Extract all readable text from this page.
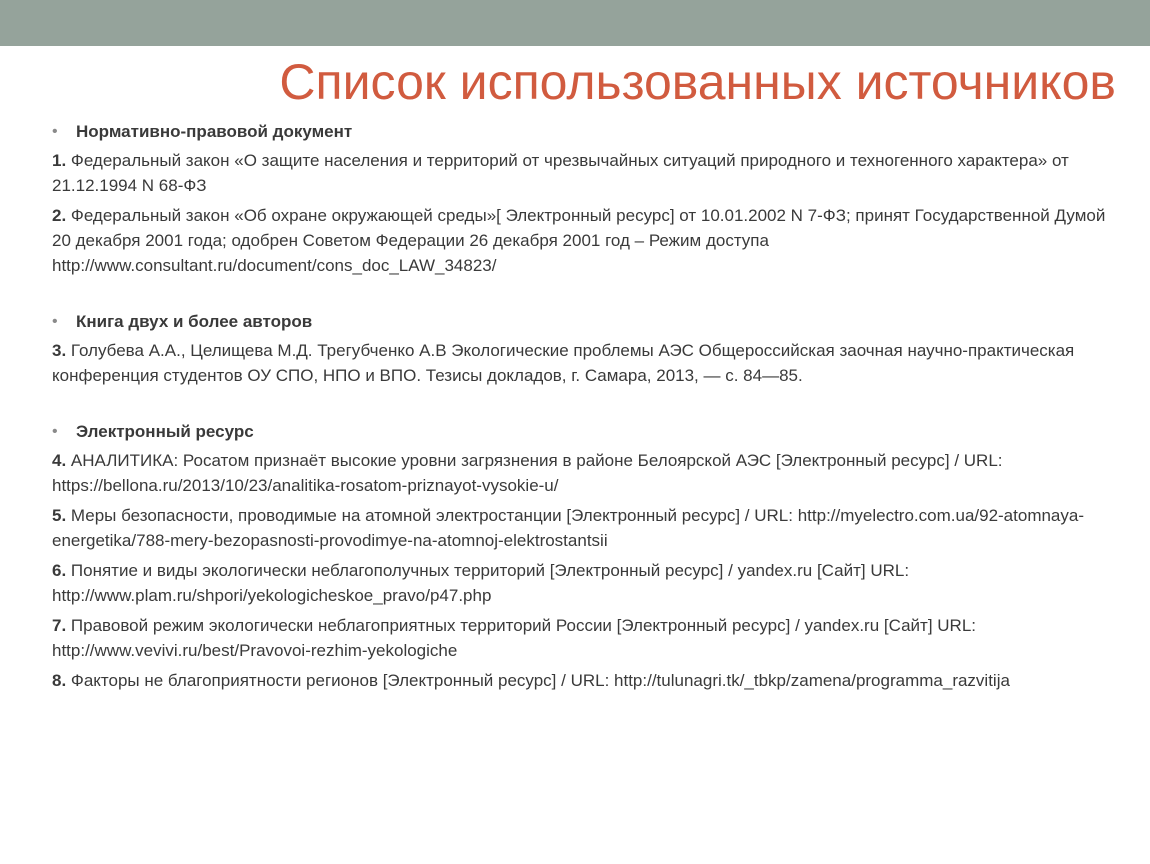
Список использованных источников
• Нормативно-правовой документ

1. Федеральный закон «О защите населения и территорий от чрезвычайных ситуаций природного и техногенного характера» от 21.12.1994 N 68-ФЗ

2. Федеральный закон «Об охране окружающей среды»[ Электронный ресурс] от 10.01.2002 N 7-ФЗ; принят Государственной Думой 20 декабря 2001 года; одобрен Советом Федерации 26 декабря 2001 год – Режим доступа http://www.consultant.ru/document/cons_doc_LAW_34823/

• Книга двух и более авторов

3. Голубева А.А., Целищева М.Д. Трегубченко А.В Экологические проблемы АЭС Общероссийская заочная научно-практическая конференция студентов ОУ СПО, НПО и ВПО. Тезисы докладов, г. Самара, 2013, — с. 84—85.

• Электронный ресурс

4. АНАЛИТИКА: Росатом признаёт высокие уровни загрязнения в районе Белоярской АЭС [Электронный ресурс] / URL: https://bellona.ru/2013/10/23/analitika-rosatom-priznayot-vysokie-u/

5. Меры безопасности, проводимые на атомной электростанции [Электронный ресурс] / URL: http://myelectro.com.ua/92-atomnaya-energetika/788-mery-bezopasnosti-provodimye-na-atomnoj-elektrostantsii

6. Понятие и виды экологически неблагополучных территорий [Электронный ресурс] / yandex.ru [Сайт] URL: http://www.plam.ru/shpori/yekologicheskoe_pravo/p47.php

7. Правовой режим экологически неблагоприятных территорий России [Электронный ресурс] / yandex.ru [Сайт] URL: http://www.vevivi.ru/best/Pravovoi-rezhim-yekologiche

8. Факторы не благоприятности регионов [Электронный ресурс] / URL: http://tulunagri.tk/_tbkp/zamena/programma_razvitija
